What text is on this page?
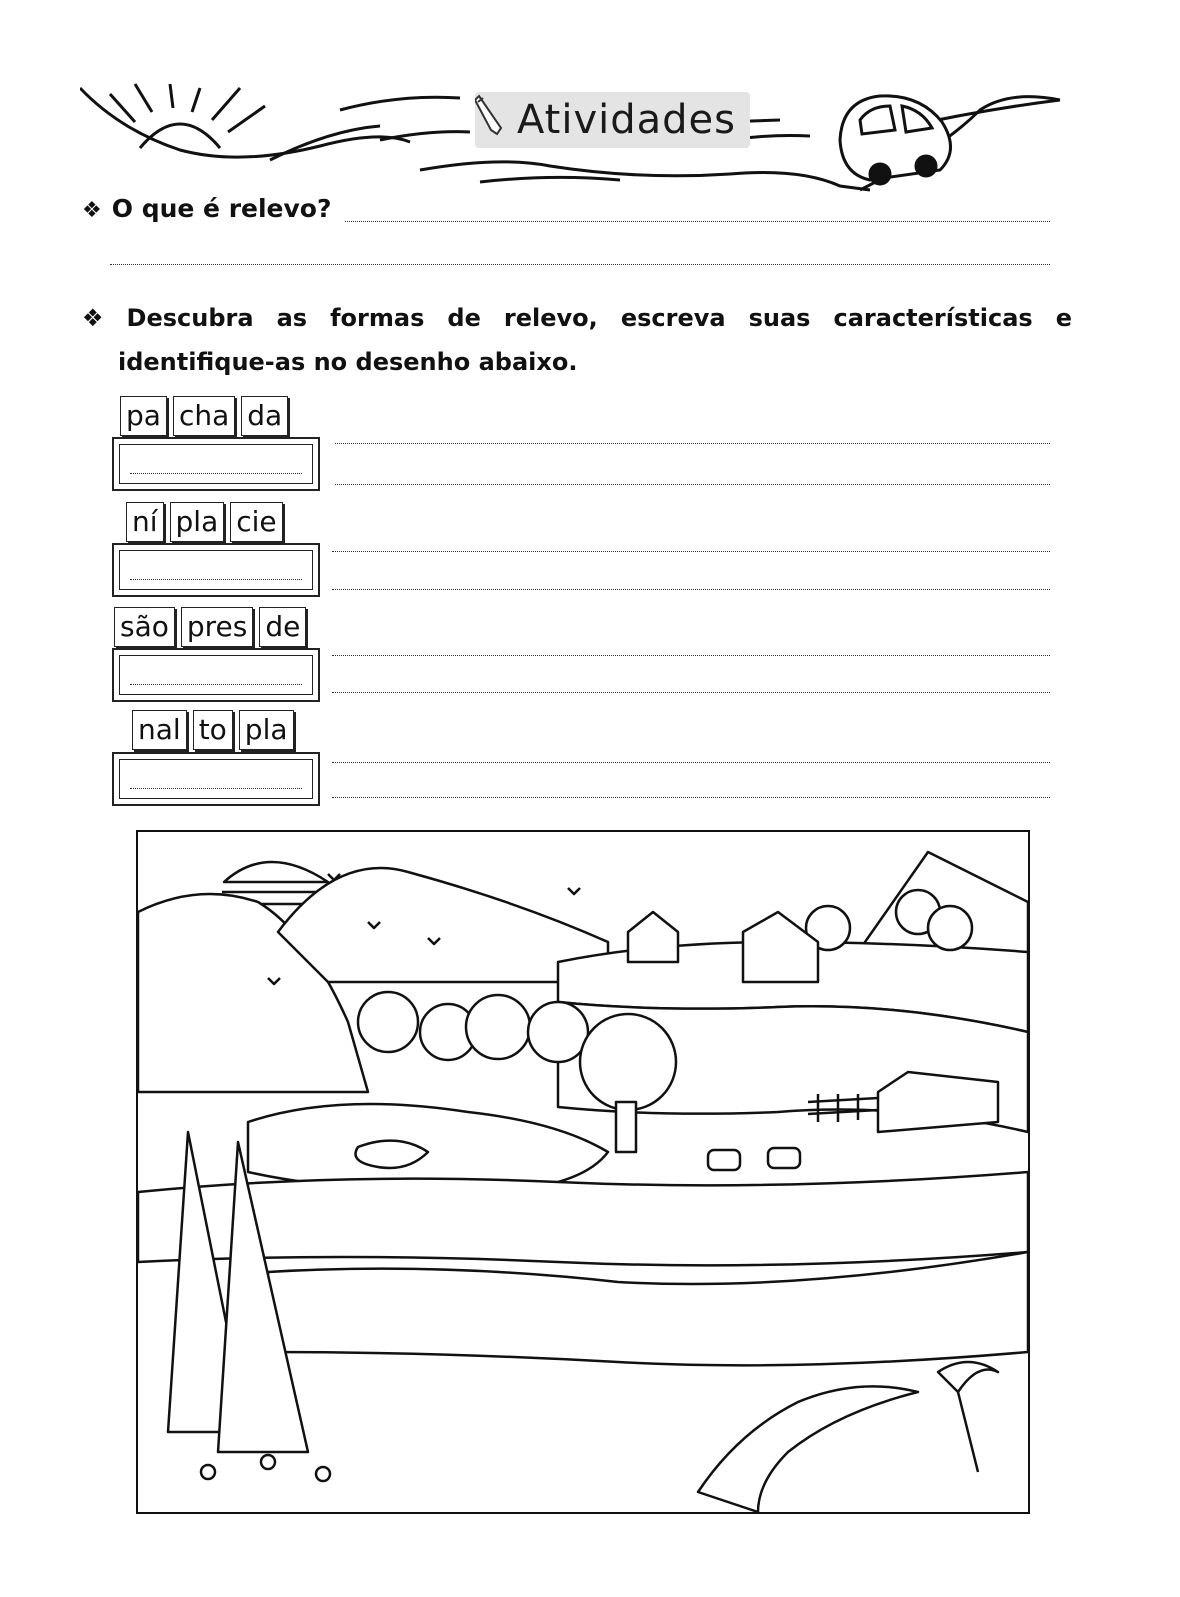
Atividades
❖ O que é relevo?
❖ Descubra as formas de relevo, escreva suas características e
identifique-as no desenho abaixo.
pa cha da
ní pla cie
são pres de
nal to pla
